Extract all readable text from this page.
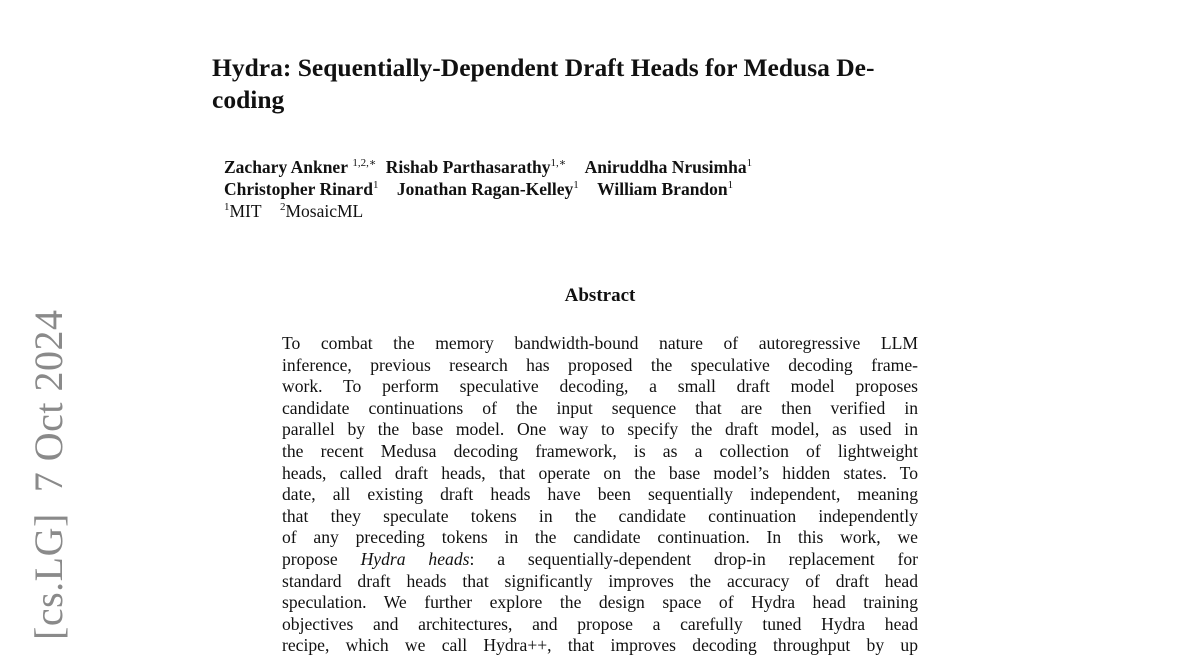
[cs.LG]  7 Oct 2024
Hydra: Sequentially-Dependent Draft Heads for Medusa De-
coding
Zachary Ankner $^{1,2,∗}$ Rishab Parthasarathy$^{1,∗}$ Aniruddha Nrusimha$^1$
Christopher Rinard$^1$ Jonathan Ragan-Kelley$^1$ William Brandon$^1$
$^1$MIT $^2$MosaicML
Abstract
To combat the memory bandwidth-bound nature of autoregressive LLM
inference, previous research has proposed the speculative decoding frame-
work. To perform speculative decoding, a small draft model proposes
candidate continuations of the input sequence that are then verified in
parallel by the base model. One way to specify the draft model, as used in
the recent Medusa decoding framework, is as a collection of lightweight
heads, called draft heads, that operate on the base model’s hidden states. To
date, all existing draft heads have been sequentially independent, meaning
that they speculate tokens in the candidate continuation independently
of any preceding tokens in the candidate continuation. In this work, we
propose Hydra heads: a sequentially-dependent drop-in replacement for
standard draft heads that significantly improves the accuracy of draft head
speculation. We further explore the design space of Hydra head training
objectives and architectures, and propose a carefully tuned Hydra head
recipe, which we call Hydra++, that improves decoding throughput by up
